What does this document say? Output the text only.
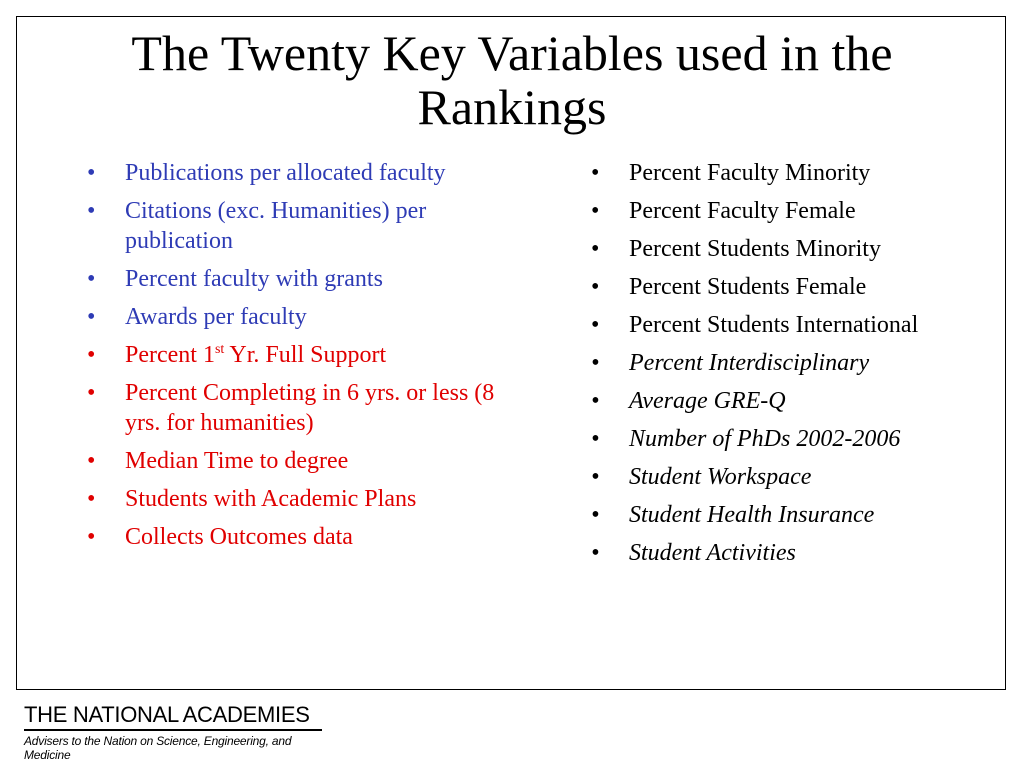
The Twenty Key Variables used in the Rankings
• Publications per allocated faculty
• Citations (exc. Humanities) per publication
• Percent faculty with grants
• Awards per faculty
• Percent 1st Yr. Full Support
• Percent Completing in 6 yrs. or less (8 yrs. for humanities)
• Median Time to degree
• Students with Academic Plans
• Collects Outcomes data
• Percent Faculty Minority
• Percent Faculty Female
• Percent Students Minority
• Percent Students Female
• Percent Students International
• Percent Interdisciplinary
• Average GRE-Q
• Number of PhDs 2002-2006
• Student Workspace
• Student Health Insurance
• Student Activities
THE NATIONAL ACADEMIES
Advisers to the Nation on Science, Engineering, and Medicine
